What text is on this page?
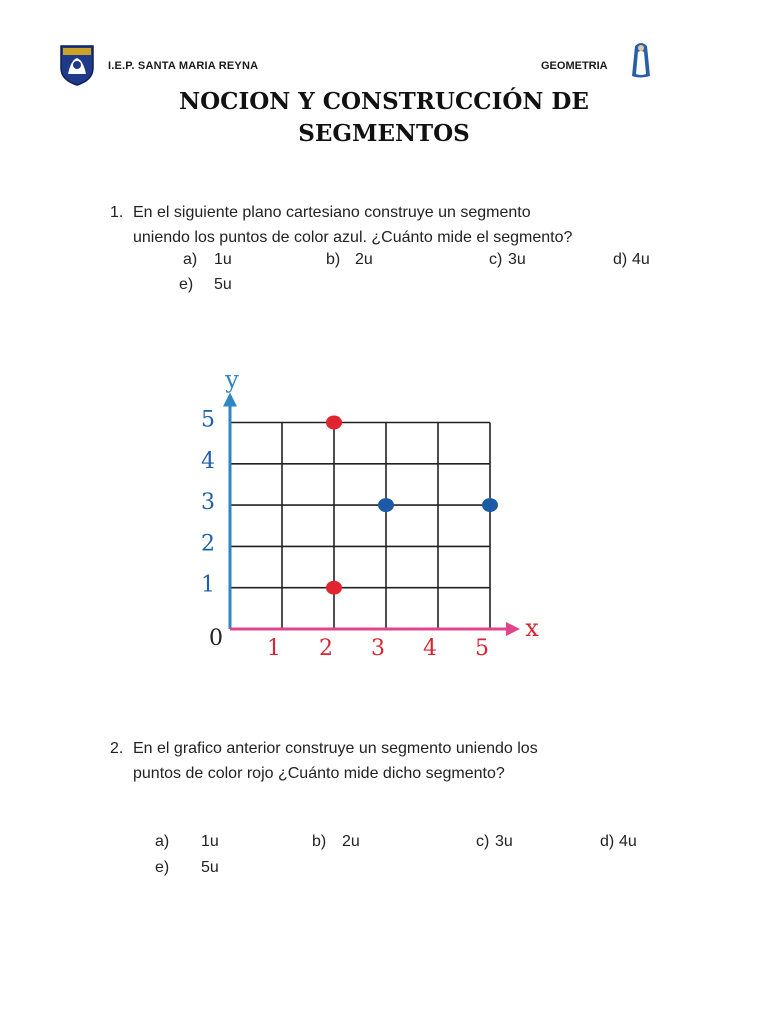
I.E.P. SANTA MARIA REYNA	GEOMETRIA
NOCION Y CONSTRUCCIÓN DE
SEGMENTOS
1. En el siguiente plano cartesiano construye un segmento
uniendo los puntos de color azul. ¿Cuánto mide el segmento?
a) 1u	b) 2u	c) 3u	d) 4u
e) 5u
y
x
0 1 2 3 4 5
1
2
3
4
5
2. En el grafico anterior construye un segmento uniendo los
puntos de color rojo ¿Cuánto mide dicho segmento?
a) 1u	b) 2u	c) 3u	d) 4u
e) 5u
